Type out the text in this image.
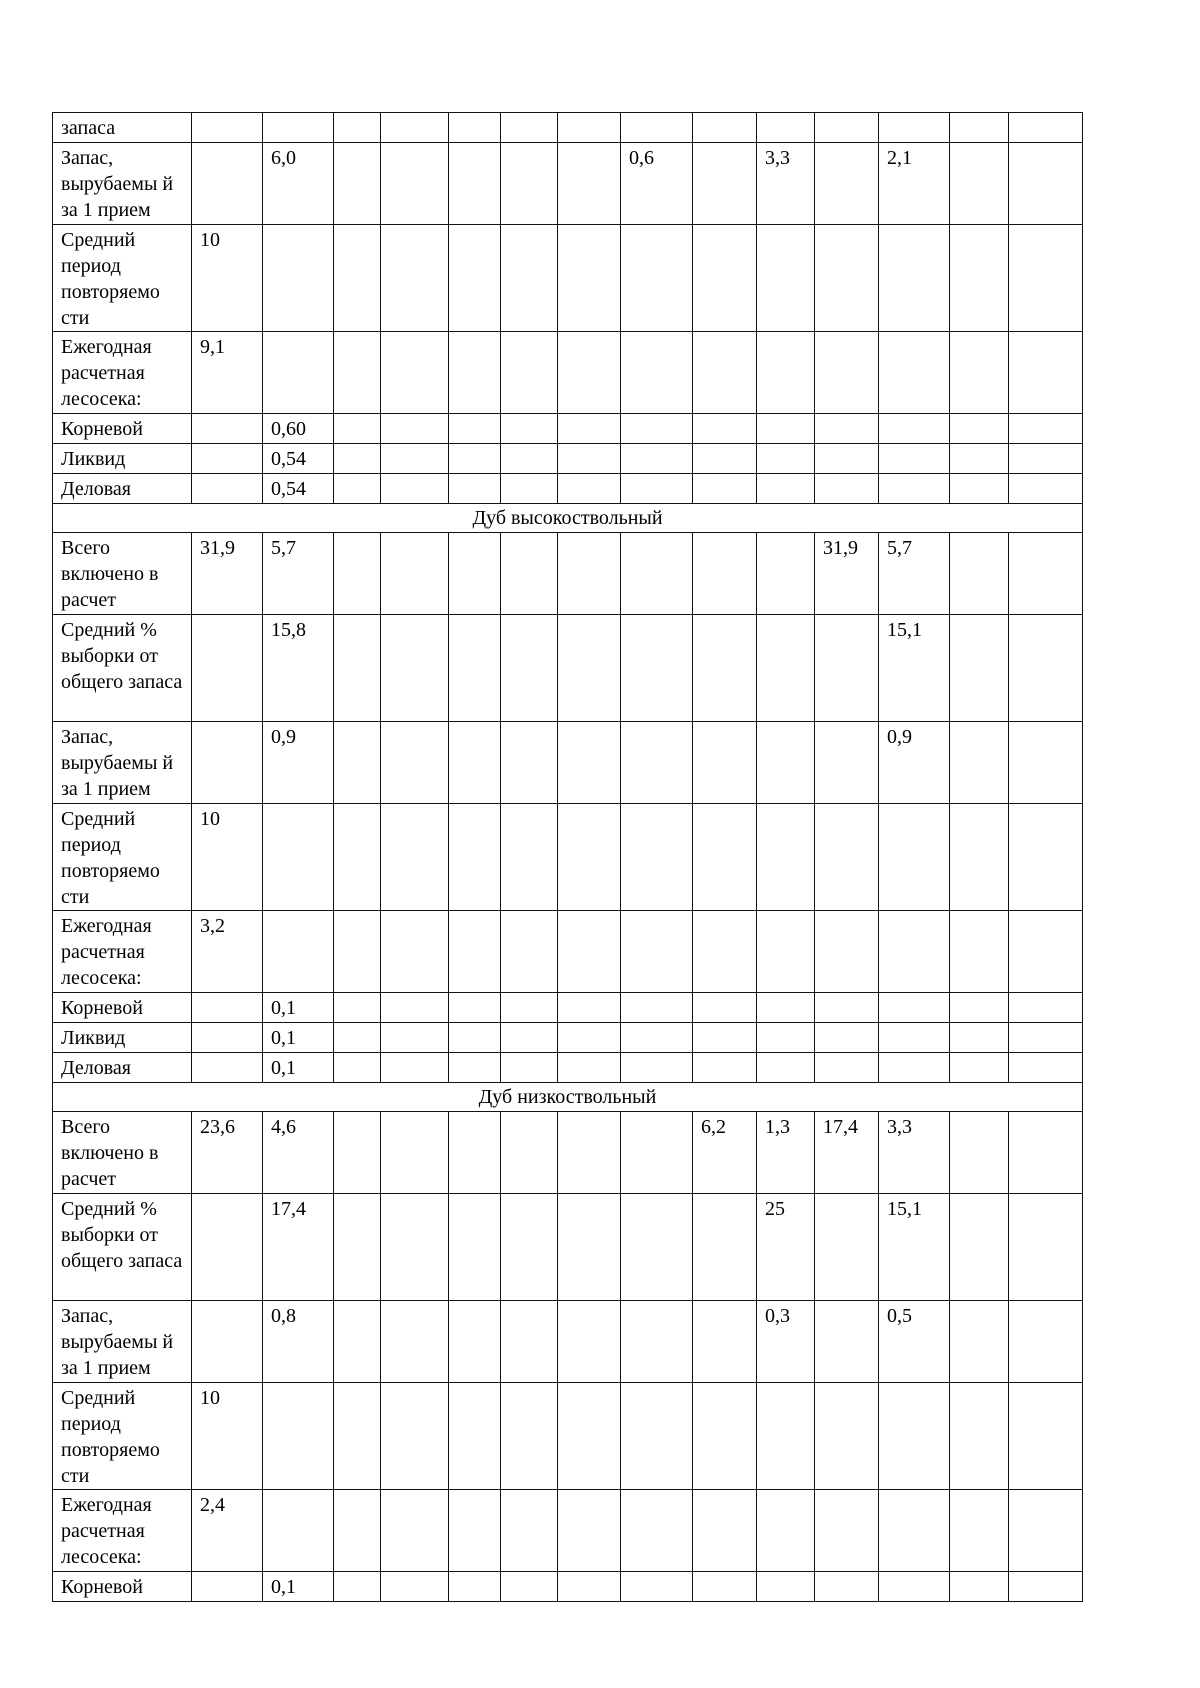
запаса														
Запас, вырубаемы й за 1 прием		6,0						0,6		3,3		2,1		
Средний период повторяемо сти	10													
Ежегодная расчетная лесосека:	9,1													
Корневой		0,60												
Ликвид		0,54												
Деловая		0,54												
Дуб высокоствольный														
Всего включено в расчет	31,9	5,7									31,9	5,7		
Средний % выборки от общего запаса		15,8										15,1		
Запас, вырубаемы й за 1 прием		0,9										0,9		
Средний период повторяемо сти	10													
Ежегодная расчетная лесосека:	3,2													
Корневой		0,1												
Ликвид		0,1												
Деловая		0,1												
Дуб низкоствольный														
Всего включено в расчет	23,6	4,6							6,2	1,3	17,4	3,3		
Средний % выборки от общего запаса		17,4								25		15,1		
Запас, вырубаемы й за 1 прием		0,8								0,3		0,5		
Средний период повторяемо сти	10													
Ежегодная расчетная лесосека:	2,4													
Корневой		0,1												
